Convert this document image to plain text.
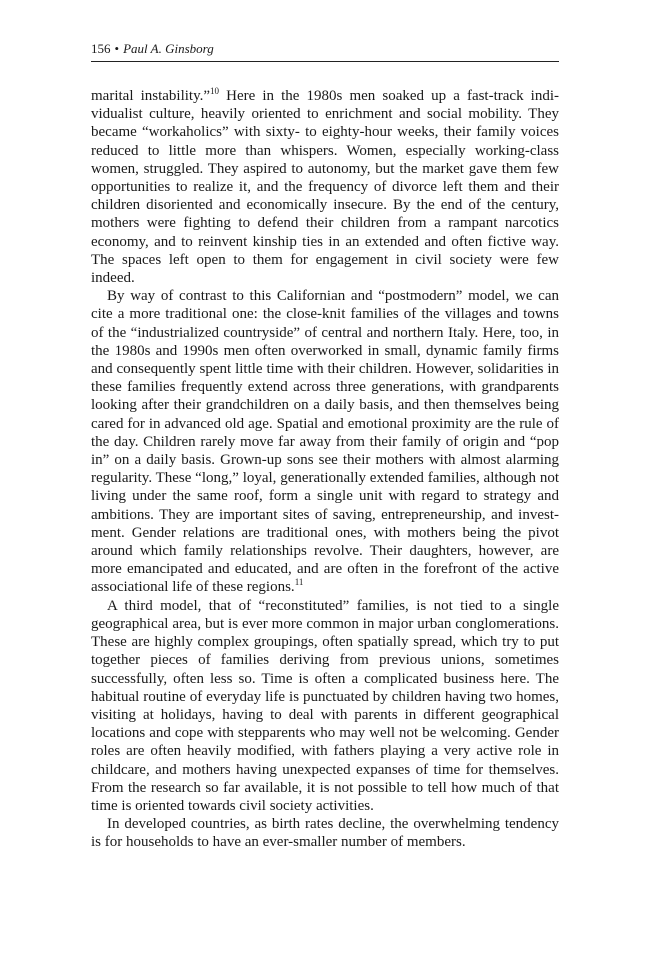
156 • Paul A. Ginsborg

marital instability.”$^{10}$ Here in the 1980s men soaked up a fast-track individualist culture, heavily oriented to enrichment and social mobility. They became “workaholics” with sixty- to eighty-hour weeks, their family voices reduced to little more than whispers. Women, especially working-class women, struggled. They aspired to autonomy, but the market gave them few opportunities to realize it, and the frequency of divorce left them and their children disoriented and economically insecure. By the end of the century, mothers were fighting to defend their children from a rampant narcotics economy, and to reinvent kinship ties in an extended and often fictive way. The spaces left open to them for engagement in civil society were few indeed.

By way of contrast to this Californian and “postmodern” model, we can cite a more traditional one: the close-knit families of the villages and towns of the “industrialized countryside” of central and northern Italy. Here, too, in the 1980s and 1990s men often overworked in small, dynamic family firms and consequently spent little time with their children. However, solidarities in these families frequently extend across three generations, with grandparents looking after their grandchildren on a daily basis, and then themselves being cared for in advanced old age. Spatial and emotional proximity are the rule of the day. Children rarely move far away from their family of origin and “pop in” on a daily basis. Grown-up sons see their mothers with almost alarming regularity. These “long,” loyal, generationally extended families, although not living under the same roof, form a single unit with regard to strategy and ambitions. They are important sites of saving, entrepreneurship, and investment. Gender relations are traditional ones, with mothers being the pivot around which family relationships revolve. Their daughters, however, are more emancipated and educated, and are often in the forefront of the active associational life of these regions.$^{11}$

A third model, that of “reconstituted” families, is not tied to a single geographical area, but is ever more common in major urban conglomerations. These are highly complex groupings, often spatially spread, which try to put together pieces of families deriving from previous unions, sometimes successfully, often less so. Time is often a complicated business here. The habitual routine of everyday life is punctuated by children having two homes, visiting at holidays, having to deal with parents in different geographical locations and cope with stepparents who may well not be welcoming. Gender roles are often heavily modified, with fathers playing a very active role in childcare, and mothers having unexpected expanses of time for themselves. From the research so far available, it is not possible to tell how much of that time is oriented towards civil society activities.

In developed countries, as birth rates decline, the overwhelming tendency is for households to have an ever-smaller number of members.
